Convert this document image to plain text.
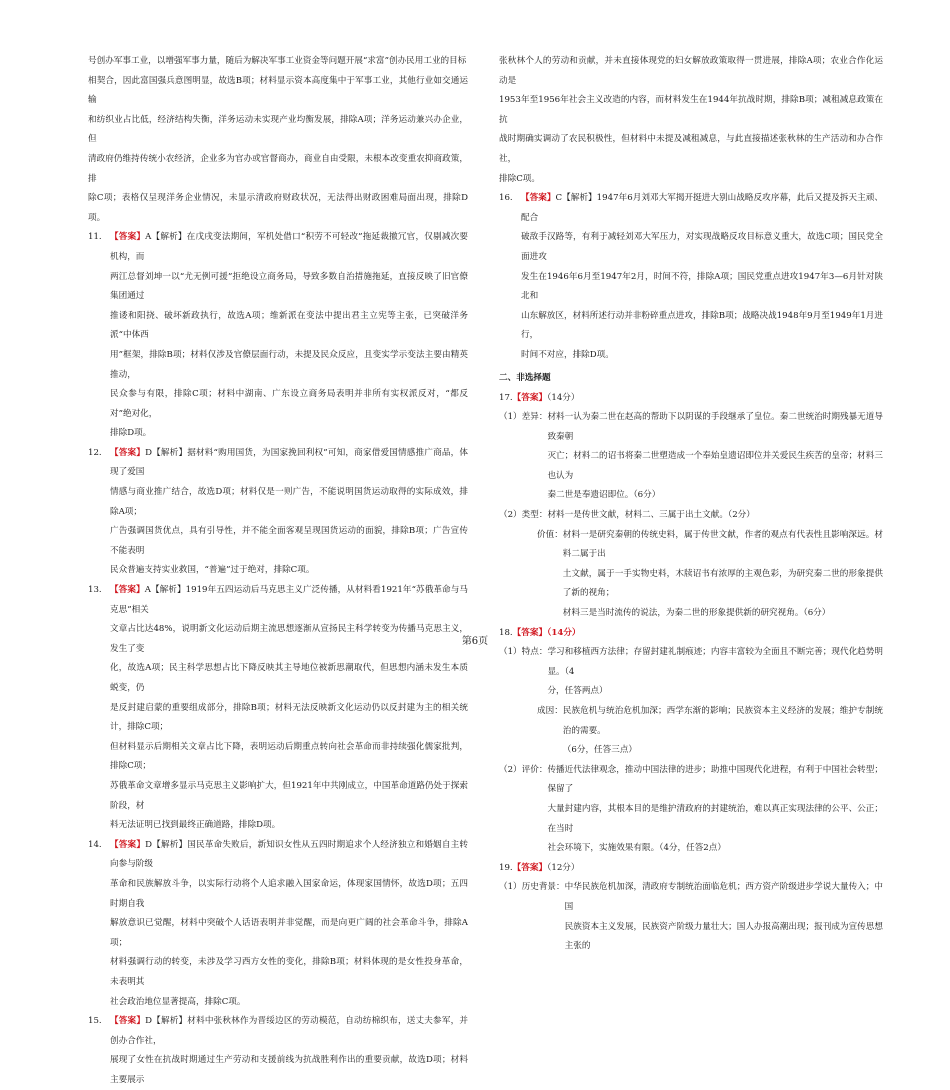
号创办军事工业，以增强军事力量，随后为解决军事工业资金等问题开展“求富”创办民用工业的目标

相契合，因此富国强兵意图明显，故选B项；材料显示资本高度集中于军事工业，其他行业如交通运输

和纺织业占比低，经济结构失衡，洋务运动未实现产业均衡发展，排除A项；洋务运动兼兴办企业，但

清政府仍维持传统小农经济，企业多为官办或官督商办，商业自由受限，未根本改变重农抑商政策，排

除C项；表格仅呈现洋务企业情况，未显示清政府财政状况，无法得出财政困难局面出现，排除D项。

11. 【答案】A【解析】在戊戌变法期间，军机处借口“积劳不可轻改”拖延裁撤冗官，仅剔减次要机构，而

两江总督刘坤一以“尤无例可援”拒绝设立商务局，导致多数自治措施拖延，直接反映了旧官僚集团通过

推诿和阳挠、破坏新政执行，故选A项；维新派在变法中提出君主立宪等主张，已突破洋务派“中体西

用”框架，排除B项；材料仅涉及官僚层面行动，未提及民众反应，且变实学示变法主要由精英推动，

民众参与有限，排除C项；材料中湖南、广东设立商务局表明并非所有实权派反对，“都反对”绝对化，

排除D项。

12. 【答案】D【解析】据材料“购用国货，为国家挽回利权”可知，商家借爱国情感推广商品，体现了爱国

情感与商业推广结合，故选D项；材料仅是一则广告，不能说明国货运动取得的实际成效，排除A项；

广告强调国货优点，具有引导性，并不能全面客观呈现国货运动的面貌，排除B项；广告宣传不能表明

民众普遍支持实业救国，“普遍”过于绝对，排除C项。

13. 【答案】A【解析】1919年五四运动后马克思主义广泛传播，从材料看1921年“苏俄革命与马克思”相关

文章占比达48%，说明新文化运动后期主流思想逐渐从宣扬民主科学转变为传播马克思主义，发生了变

化，故选A项；民主科学思想占比下降反映其主导地位被新思潮取代，但思想内涵未发生本质蜕变，仍

是反封建启蒙的重要组成部分，排除B项；材料无法反映新文化运动仍以反封建为主的相关统计，排除C项；

但材料显示后期相关文章占比下降，表明运动后期重点转向社会革命而非持续强化儒家批判，排除C项；

苏俄革命文章增多显示马克思主义影响扩大，但1921年中共刚成立，中国革命道路仍处于探索阶段，材

料无法证明已找到最终正确道路，排除D项。

14. 【答案】D【解析】国民革命失败后，新知识女性从五四时期追求个人经济独立和婚姻自主转向参与阶级

革命和民族解放斗争，以实际行动将个人追求融入国家命运，体现家国情怀，故选D项；五四时期自我

解放意识已觉醒，材料中突破个人话语表明并非觉醒，而是向更广阔的社会革命斗争，排除A项；

材料强调行动的转变，未涉及学习西方女性的变化，排除B项；材料体现的是女性投身革命，未表明其

社会政治地位显著提高，排除C项。

15. 【答案】D【解析】材料中张秋林作为晋绥边区的劳动模范，自动纺棉织布，送丈夫参军，并创办合作社，

展现了女性在抗战时期通过生产劳动和支援前线为抗战胜利作出的重要贡献，故选D项；材料主要展示

张秋林个人的劳动和贡献，并未直接体现党的妇女解放政策取得一贯进展，排除A项；农业合作化运动是

1953年至1956年社会主义改造的内容，而材料发生在1944年抗战时期，排除B项；减租减息政策在抗

战时期确实调动了农民积极性，但材料中未提及减租减息，与此直接描述张秋林的生产活动和办合作社，

排除C项。

16. 【答案】C【解析】1947年6月刘邓大军揭开挺进大别山战略反攻序幕，此后又提及拆天主顽、配合

破敌手汉路等，有利于减轻刘邓大军压力，对实现战略反攻目标意义重大，故选C项；国民党全面进攻

发生在1946年6月至1947年2月，时间不符，排除A项；国民党重点进攻1947年3—6月针对陕北和

山东解放区，材料所述行动并非粉碎重点进攻，排除B项；战略决战1948年9月至1949年1月进行，

时间不对应，排除D项。

二、非选择题

17.【答案】（14分）

（1）差异： 材料一认为秦二世在赵高的帮助下以阴谋的手段继承了皇位。秦二世统治时期残暴无道导致秦朝

灭亡；材料二的诏书将秦二世塑造成一个奉始皇遗诏即位并关爱民生疾苦的皇帝；材料三也认为

秦二世是奉遗诏即位。（6分）

（2）类型： 材料一是传世文献，材料二、三属于出土文献。（2分）

价值： 材料一是研究秦朝的传统史料，属于传世文献，作者的观点有代表性且影响深远。材料二属于出

土文献，属于一手实物史料，木牍诏书有浓厚的主观色彩，为研究秦二世的形象提供了新的视角；

材料三是当时流传的说法，为秦二世的形象提供新的研究视角。（6分）

18.【答案】（14分）

（1）特点： 学习和移植西方法律；存留封建礼制痕迹；内容丰富较为全面且不断完善；现代化趋势明显。（4

分，任答两点）

成因： 民族危机与统治危机加深；西学东渐的影响；民族资本主义经济的发展；维护专制统治的需要。

（6分，任答三点）

（2）评价： 传播近代法律观念，推动中国法律的进步；助推中国现代化进程，有利于中国社会转型；保留了

大量封建内容，其根本目的是维护清政府的封建统治，难以真正实现法律的公平、公正；在当时

社会环境下，实施效果有限。（4分，任答2点）

19.【答案】（12分）

（1）历史背景： 中华民族危机加深，清政府专制统治面临危机；西方资产阶级进步学说大量传入；中国

民族资本主义发展，民族资产阶级力量壮大；国人办报高潮出现；报刊成为宣传思想主张的

第6页
